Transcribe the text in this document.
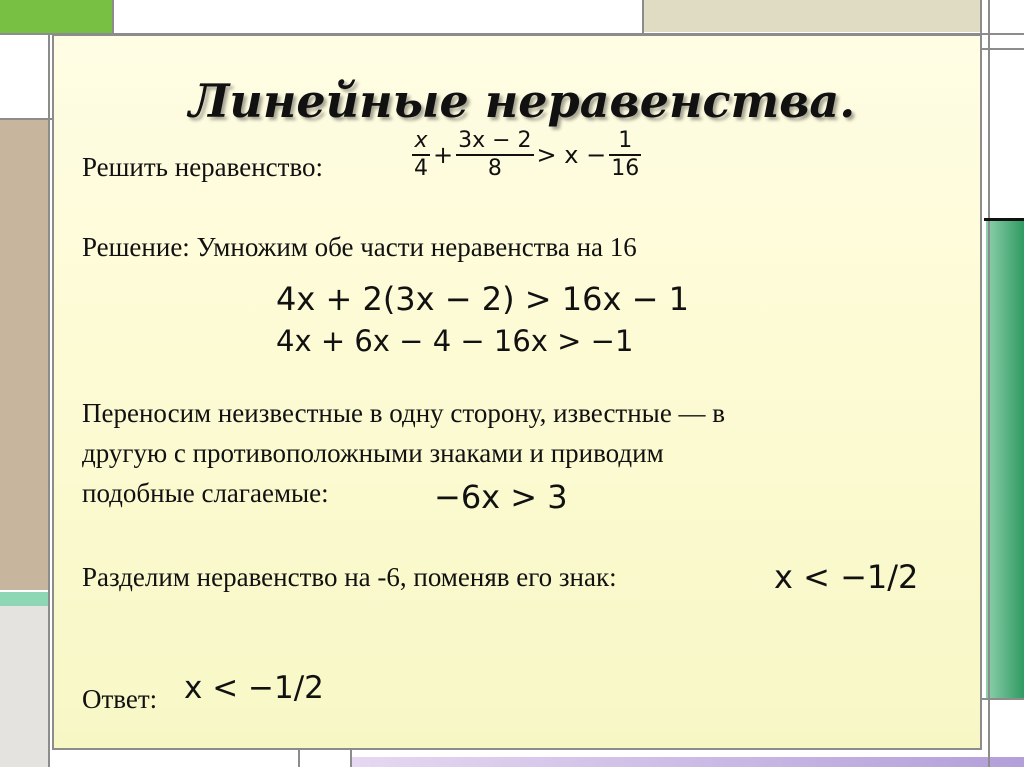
Линейные неравенства.
Решить неравенство:	$\frac{x}{4} + \frac{3x - 2}{8} > x - \frac{1}{16}$
Решение: Умножим обе части неравенства на 16
4x + 2(3x − 2) > 16x − 1
4x + 6x − 4 − 16x > −1
Переносим неизвестные в одну сторону, известные — в
другую с противоположными знаками и приводим
подобные слагаемые:	−6x > 3
Разделим неравенство на -6, поменяв его знак:	x < −1/2
Ответ: x < −1/2
